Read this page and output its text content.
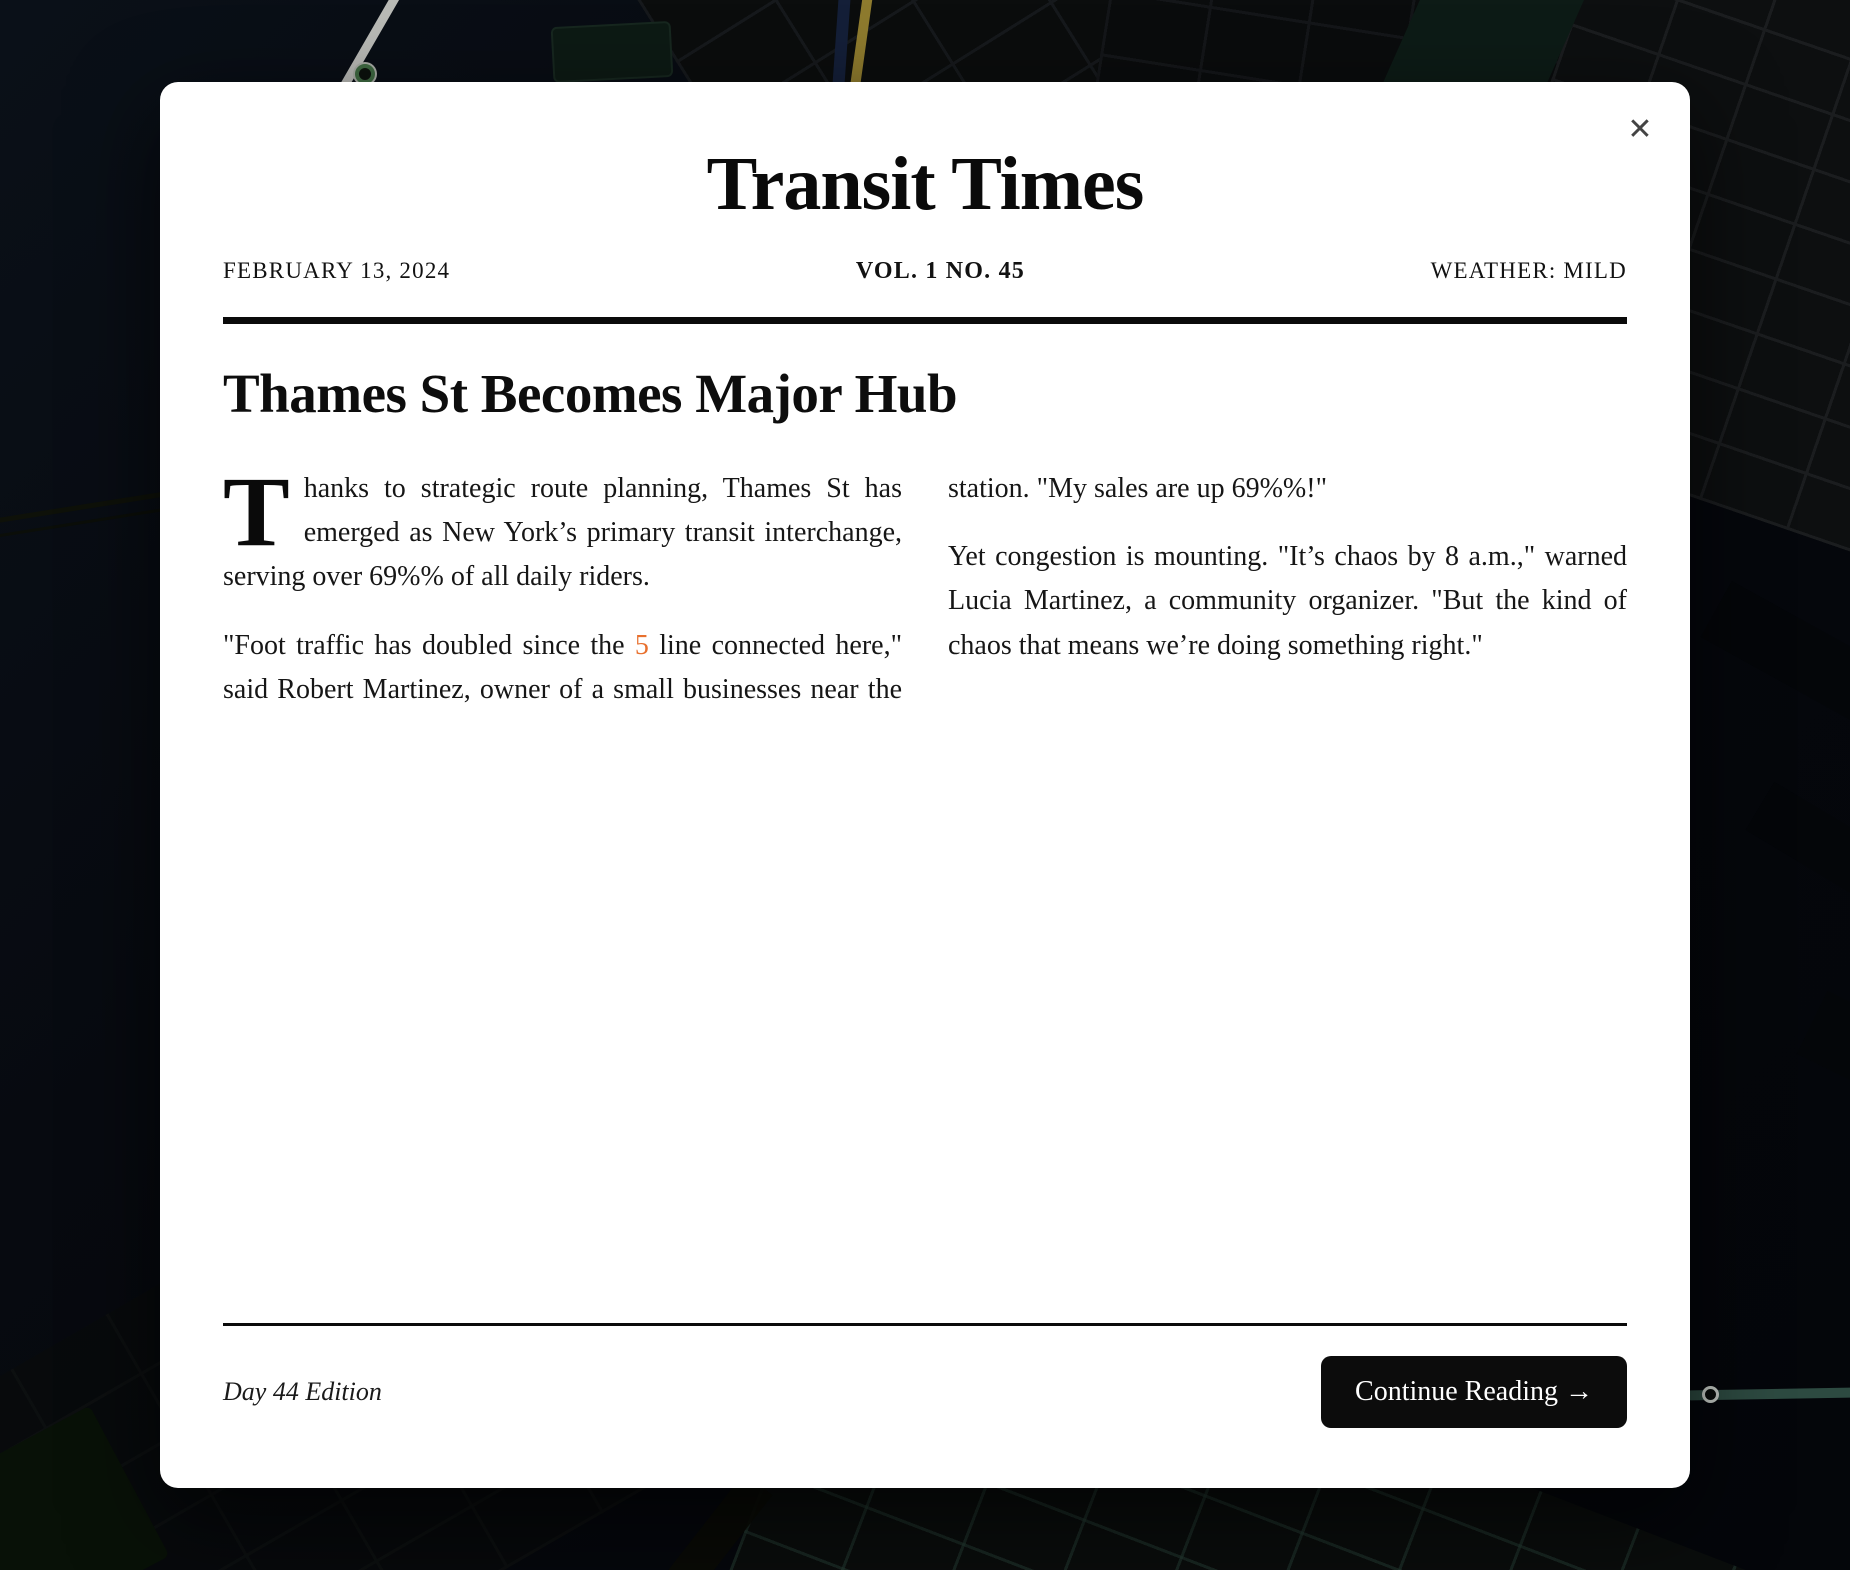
✕
Transit Times
FEBRUARY 13, 2024	VOL. 1 NO. 45	WEATHER: MILD
Thames St Becomes Major Hub

Thanks to strategic route planning, Thames St has emerged as New York’s primary transit interchange, serving over 69%% of all daily riders.

"Foot traffic has doubled since the 5 line connected here," said Robert Martinez, owner of a small businesses near the station. "My sales are up 69%%!"

Yet congestion is mounting. "It’s chaos by 8 a.m.," warned Lucia Martinez, a community organizer. "But the kind of chaos that means we’re doing something right."

Day 44 Edition	Continue Reading →
